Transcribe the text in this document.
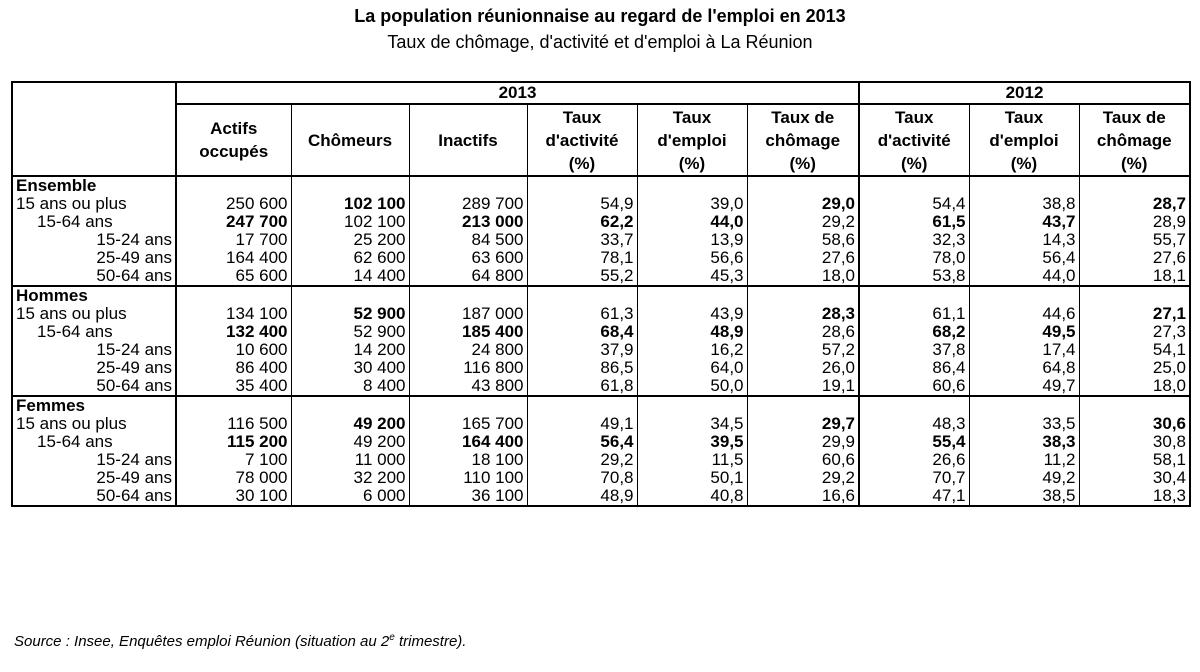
La population réunionnaise au regard de l'emploi en 2013
Taux de chômage, d'activité et d'emploi à La Réunion
	2013						2012		
	Actifs
occupés	Chômeurs	Inactifs	Taux
d'activité
(%)	Taux
d'emploi
(%)	Taux de
chômage
(%)	Taux
d'activité
(%)	Taux
d'emploi
(%)	Taux de
chômage
(%)
Ensemble									
15 ans ou plus	250 600	102 100	289 700	54,9	39,0	29,0	54,4	38,8	28,7
15-64 ans	247 700	102 100	213 000	62,2	44,0	29,2	61,5	43,7	28,9
15-24 ans	17 700	25 200	84 500	33,7	13,9	58,6	32,3	14,3	55,7
25-49 ans	164 400	62 600	63 600	78,1	56,6	27,6	78,0	56,4	27,6
50-64 ans	65 600	14 400	64 800	55,2	45,3	18,0	53,8	44,0	18,1
Hommes									
15 ans ou plus	134 100	52 900	187 000	61,3	43,9	28,3	61,1	44,6	27,1
15-64 ans	132 400	52 900	185 400	68,4	48,9	28,6	68,2	49,5	27,3
15-24 ans	10 600	14 200	24 800	37,9	16,2	57,2	37,8	17,4	54,1
25-49 ans	86 400	30 400	116 800	86,5	64,0	26,0	86,4	64,8	25,0
50-64 ans	35 400	8 400	43 800	61,8	50,0	19,1	60,6	49,7	18,0
Femmes									
15 ans ou plus	116 500	49 200	165 700	49,1	34,5	29,7	48,3	33,5	30,6
15-64 ans	115 200	49 200	164 400	56,4	39,5	29,9	55,4	38,3	30,8
15-24 ans	7 100	11 000	18 100	29,2	11,5	60,6	26,6	11,2	58,1
25-49 ans	78 000	32 200	110 100	70,8	50,1	29,2	70,7	49,2	30,4
50-64 ans	30 100	6 000	36 100	48,9	40,8	16,6	47,1	38,5	18,3
Source : Insee, Enquêtes emploi Réunion (situation au 2e trimestre).
